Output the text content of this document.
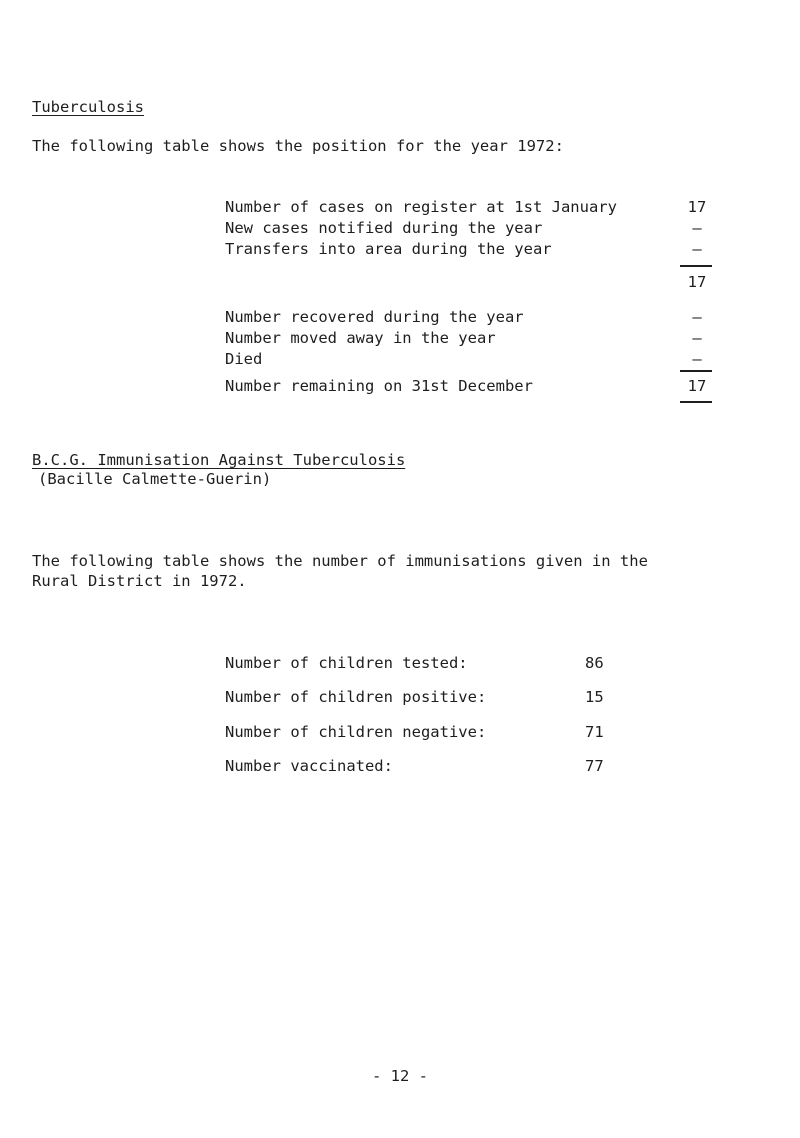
Tuberculosis
The following table shows the position for the year 1972:
Number of cases on register at 1st January	17
New cases notified during the year	–
Transfers into area during the year	–
17
Number recovered during the year	–
Number moved away in the year	–
Died	–
Number remaining on 31st December	17
B.C.G. Immunisation Against Tuberculosis
(Bacille Calmette-Guerin)
The following table shows the number of immunisations given in the
Rural District in 1972.
Number of children tested:	86
Number of children positive:	15
Number of children negative:	71
Number vaccinated:	77
- 12 -
